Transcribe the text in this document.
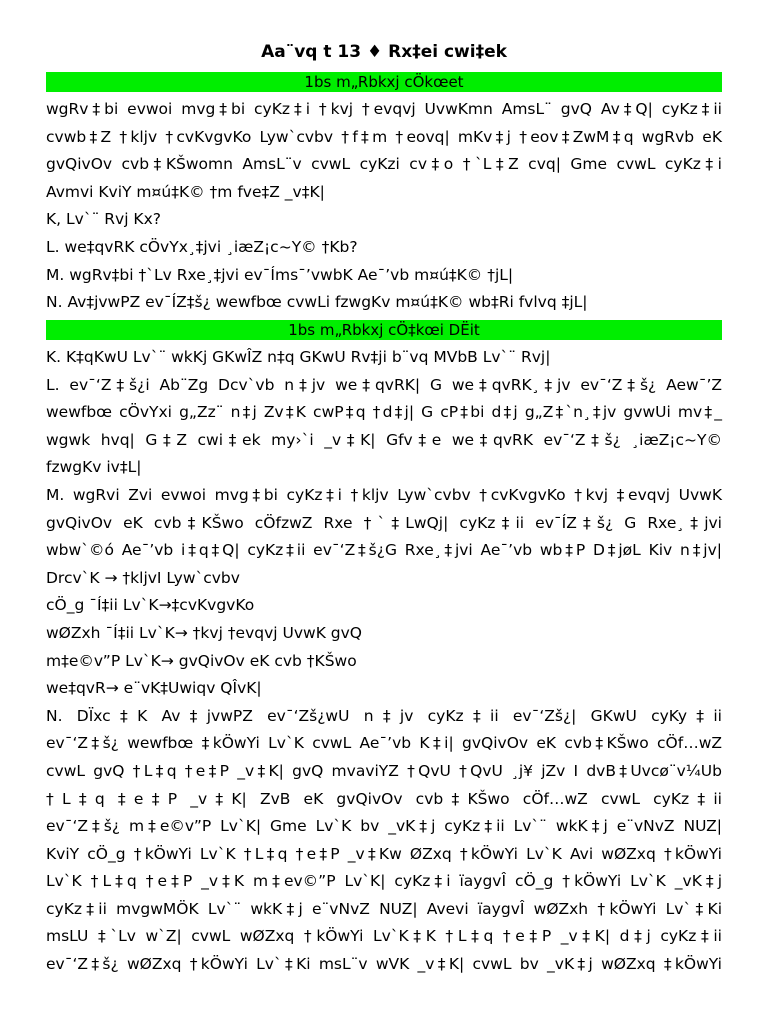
Aa¨vq t 13 ♦ Rx‡ei cwi‡ek
1bs m„Rbkxj cÖkœet

wgRv‡bi evwoi mvg‡bi cyKz‡i †kvj †evqvj UvwKmn AmsL¨ gvQ Av‡Q| cyKz‡ii

cvwb‡Z †kljv †cvKvgvKo Lyw`cvbv †f‡m †eovq| mKv‡j †eov‡ZwM‡q wgRvb eK

gvQivOv cvb‡KŠwomn AmsL¨v cvwL cyKzi cv‡o †`L‡Z cvq| Gme cvwL cyKz‡i

Avmvi KviY m¤ú‡K© †m fve‡Z _v‡K|

K, Lv`¨ Rvj Kx?

L. we‡qvRK cÖvYx¸‡jvi ¸iæZ¡c~Y© †Kb?

M. wgRv‡bi †`Lv Rxe¸‡jvi ev¯Íms¯’vwbK Ae¯’vb m¤ú‡K© †jL|

N. Av‡jvwPZ ev¯ÍZ‡š¿ wewfbœ cvwLi fzwgKv m¤ú‡K© wb‡Ri fvlvq ‡jL|

1bs m„Rbkxj cÖ‡kœi DËit

K. K‡qKwU Lv`¨ wkKj GKwÎZ n‡q GKwU Rv‡ji b¨vq MVbB Lv`¨ Rvj|

L. ev¯‘Z‡š¿i Ab¨Zg Dcv`vb n‡jv we‡qvRK| G we‡qvRK¸‡jv ev¯‘Z‡š¿ Aew¯’Z

wewfbœ cÖvYxi g„Zz¨ n‡j Zv‡K cwP‡q †d‡j| G cP‡bi d‡j g„Z‡`n¸‡jv gvwUi mv‡_

wgwk hvq| G‡Z cwi‡ek my›`i _v‡K| Gfv‡e we‡qvRK ev¯‘Z‡š¿ ¸iæZ¡c~Y©

fzwgKv iv‡L|

M. wgRvi Zvi evwoi mvg‡bi cyKz‡i †kljv Lyw`cvbv †cvKvgvKo †kvj ‡evqvj UvwK

gvQivOv eK cvb‡KŠwo cÖfzwZ Rxe †`‡LwQj| cyKz‡ii ev¯ÍZ‡š¿ G Rxe¸‡jvi

wbw`©ó Ae¯’vb i‡q‡Q| cyKz‡ii ev¯‘Z‡š¿G Rxe¸‡jvi Ae¯’vb wb‡P D‡jøL Kiv n‡jv|

Drcv`K → †kljvI Lyw`cvbv

cÖ_g ¯Í‡ii Lv`K→‡cvKvgvKo

wØZxh ¯Í‡ii Lv`K→ †kvj †evqvj UvwK gvQ

m‡e©v”P Lv`K→ gvQivOv eK cvb †KŠwo

we‡qvR→ e¨vK‡Uwiqv QÎvK|

N. DÏxc‡K Av‡jvwPZ ev¯‘Zš¿wU n‡jv cyKz‡ii ev¯‘Zš¿| GKwU cyKy‡ii

ev¯‘Z‡š¿ wewfbœ ‡kÖwYi Lv`K cvwL Ae¯’vb K‡i| gvQivOv eK cvb‡KŠwo cÖf…wZ

cvwL gvQ †L‡q †e‡P _v‡K| gvQ mvaviYZ †QvU †QvU ¸j¥ jZv I dvB‡Uvcø¨v¼Ub

†L‡q ‡e‡P _v‡K| ZvB eK gvQivOv cvb‡KŠwo cÖf…wZ cvwL cyKz‡ii

ev¯‘Z‡š¿ m‡e©v”P Lv`K| Gme Lv`K bv _vK‡j cyKz‡ii Lv`¨ wkK‡j e¨vNvZ NUZ|

KviY cÖ_g †kÖwYi Lv`K †L‡q †e‡P _v‡Kw ØZxq †kÖwYi Lv`K Avi wØZxq †kÖwYi

Lv`K †L‡q †e‡P _v‡K m‡ev©”P Lv`K| cyKz‡i ïaygvÎ cÖ_g †kÖwYi Lv`K _vK‡j

cyKz‡ii mvgwMÖK Lv`¨ wkK‡j e¨vNvZ NUZ| Avevi ïaygvÎ wØZxh †kÖwYi Lv`‡Ki

msLU ‡`Lv w`Z| cvwL wØZxq †kÖwYi Lv`K‡K †L‡q †e‡P _v‡K| d‡j cyKz‡ii

ev¯‘Z‡š¿ wØZxq †kÖwYi Lv`‡Ki msL¨v wVK _v‡K| cvwL bv _vK‡j wØZxq ‡kÖwYi
